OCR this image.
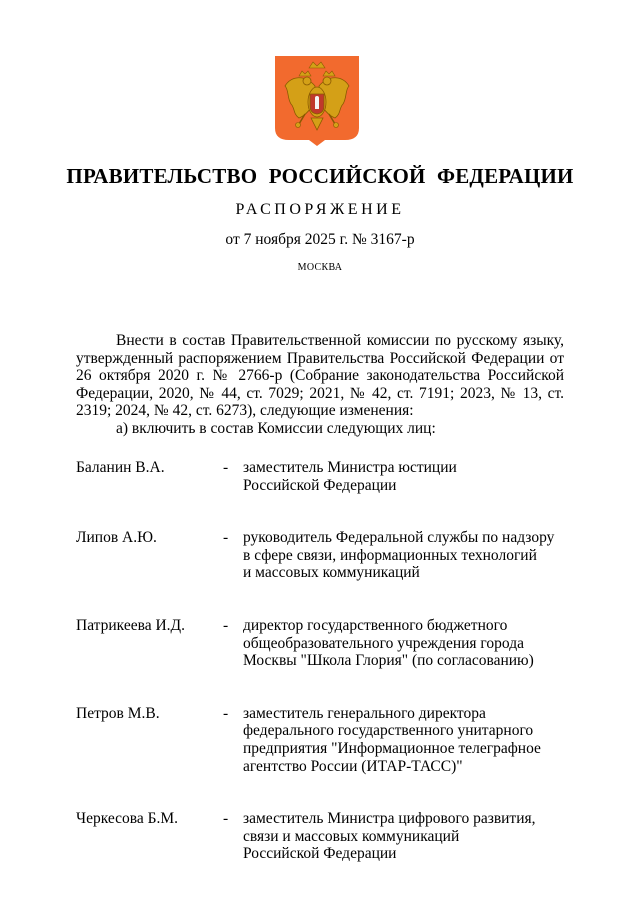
ПРАВИТЕЛЬСТВО РОССИЙСКОЙ ФЕДЕРАЦИИ
РАСПОРЯЖЕНИЕ
от 7 ноября 2025 г. № 3167-р
МОСКВА

Внести в состав Правительственной комиссии по русскому языку, утвержденный распоряжением Правительства Российской Федерации от 26 октября 2020 г. № 2766-р (Собрание законодательства Российской Федерации, 2020, № 44, ст. 7029; 2021, № 42, ст. 7191; 2023, № 13, ст. 2319; 2024, № 42, ст. 6273), следующие изменения:

а) включить в состав Комиссии следующих лиц:

Баланин В.А.	- заместитель Министра юстиции
Российской Федерации
Липов А.Ю.	- руководитель Федеральной службы по надзору
в сфере связи, информационных технологий
и массовых коммуникаций
Патрикеева И.Д.	- директор государственного бюджетного
общеобразовательного учреждения города
Москвы "Школа Глория" (по согласованию)
Петров М.В.	- заместитель генерального директора
федерального государственного унитарного
предприятия "Информационное телеграфное
агентство России (ИТАР-ТАСС)"
Черкесова Б.М.	- заместитель Министра цифрового развития,
связи и массовых коммуникаций
Российской Федерации
